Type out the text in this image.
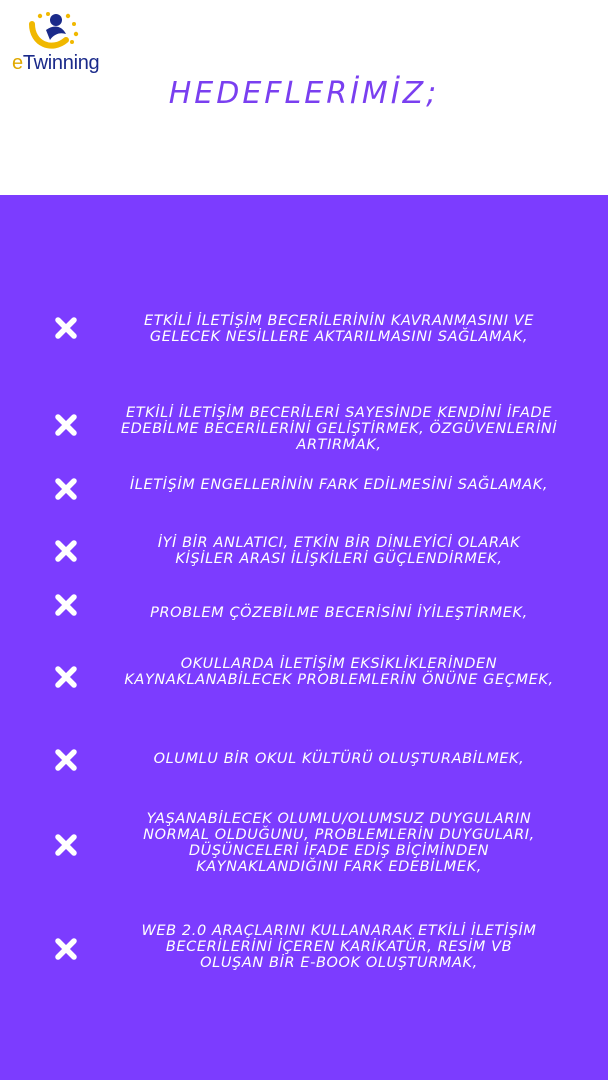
eTwinning
HEDEFLERİMİZ;
ETKİLİ İLETİŞİM BECERİLERİNİN KAVRANMASINI VE
GELECEK NESİLLERE AKTARILMASINI SAĞLAMAK,
ETKİLİ İLETİŞİM BECERİLERİ SAYESİNDE KENDİNİ İFADE
EDEBİLME BECERİLERİNİ GELİŞTİRMEK, ÖZGÜVENLERİNİ
ARTIRMAK,
İLETİŞİM ENGELLERİNİN FARK EDİLMESİNİ SAĞLAMAK,
İYİ BİR ANLATICI, ETKİN BİR DİNLEYİCİ OLARAK
KİŞİLER ARASI İLİŞKİLERİ GÜÇLENDİRMEK,
PROBLEM ÇÖZEBİLME BECERİSİNİ İYİLEŞTİRMEK,
OKULLARDA İLETİŞİM EKSİKLİKLERİNDEN
KAYNAKLANABİLECEK PROBLEMLERİN ÖNÜNE GEÇMEK,
OLUMLU BİR OKUL KÜLTÜRÜ OLUŞTURABİLMEK,
YAŞANABİLECEK OLUMLU/OLUMSUZ DUYGULARIN
NORMAL OLDUĞUNU, PROBLEMLERİN DUYGULARI,
DÜŞÜNCELERİ İFADE EDİŞ BİÇİMİNDEN
KAYNAKLANDIĞINI FARK EDEBİLMEK,
WEB 2.0 ARAÇLARINI KULLANARAK ETKİLİ İLETİŞİM
BECERİLERİNİ İÇEREN KARİKATÜR, RESİM VB
OLUŞAN BİR E-BOOK OLUŞTURMAK,
